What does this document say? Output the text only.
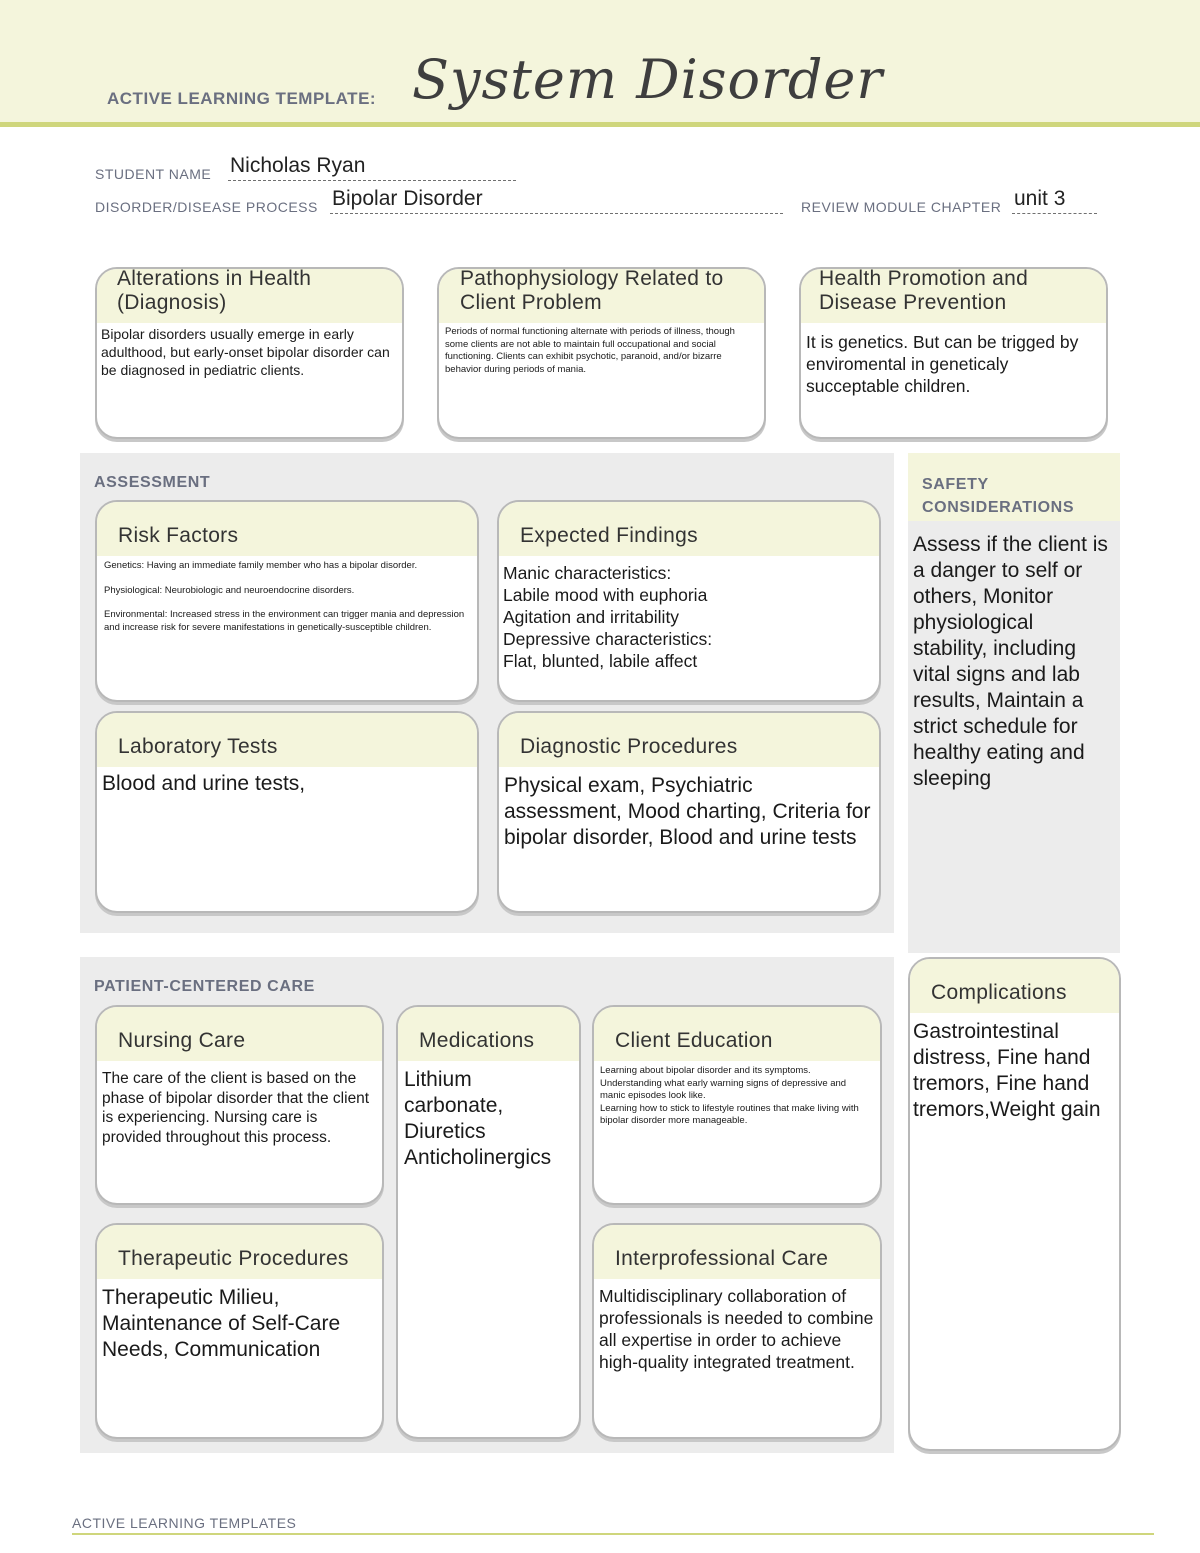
ACTIVE LEARNING TEMPLATE: System Disorder
STUDENT NAME Nicholas Ryan
DISORDER/DISEASE PROCESS Bipolar Disorder	REVIEW MODULE CHAPTER unit 3
Alterations in Health (Diagnosis)
Bipolar disorders usually emerge in early adulthood, but early-onset bipolar disorder can be diagnosed in pediatric clients.
Pathophysiology Related to Client Problem
Periods of normal functioning alternate with periods of illness, though some clients are not able to maintain full occupational and social functioning. Clients can exhibit psychotic, paranoid, and/or bizarre behavior during periods of mania.
Health Promotion and Disease Prevention
It is genetics. But can be trigged by enviromental in geneticaly succeptable children.
ASSESSMENT
Risk Factors
Genetics: Having an immediate family member who has a bipolar disorder.
Physiological: Neurobiologic and neuroendocrine disorders.
Environmental: Increased stress in the environment can trigger mania and depression and increase risk for severe manifestations in genetically-susceptible children.
Expected Findings
Manic characteristics:
Labile mood with euphoria
Agitation and irritability
Depressive characteristics:
Flat, blunted, labile affect
Laboratory Tests
Blood and urine tests,
Diagnostic Procedures
Physical exam, Psychiatric assessment, Mood charting, Criteria for bipolar disorder, Blood and urine tests
SAFETY CONSIDERATIONS
Assess if the client is a danger to self or others, Monitor physiological stability, including vital signs and lab results, Maintain a strict schedule for healthy eating and sleeping
PATIENT-CENTERED CARE
Nursing Care
The care of the client is based on the phase of bipolar disorder that the client is experiencing. Nursing care is provided throughout this process.
Medications
Lithium carbonate, Diuretics Anticholinergics
Client Education
Learning about bipolar disorder and its symptoms.
Understanding what early warning signs of depressive and manic episodes look like.
Learning how to stick to lifestyle routines that make living with bipolar disorder more manageable.
Therapeutic Procedures
Therapeutic Milieu, Maintenance of Self-Care Needs, Communication
Interprofessional Care
Multidisciplinary collaboration of professionals is needed to combine all expertise in order to achieve high-quality integrated treatment.
Complications
Gastrointestinal distress, Fine hand tremors, Fine hand tremors,Weight gain
ACTIVE LEARNING TEMPLATES
